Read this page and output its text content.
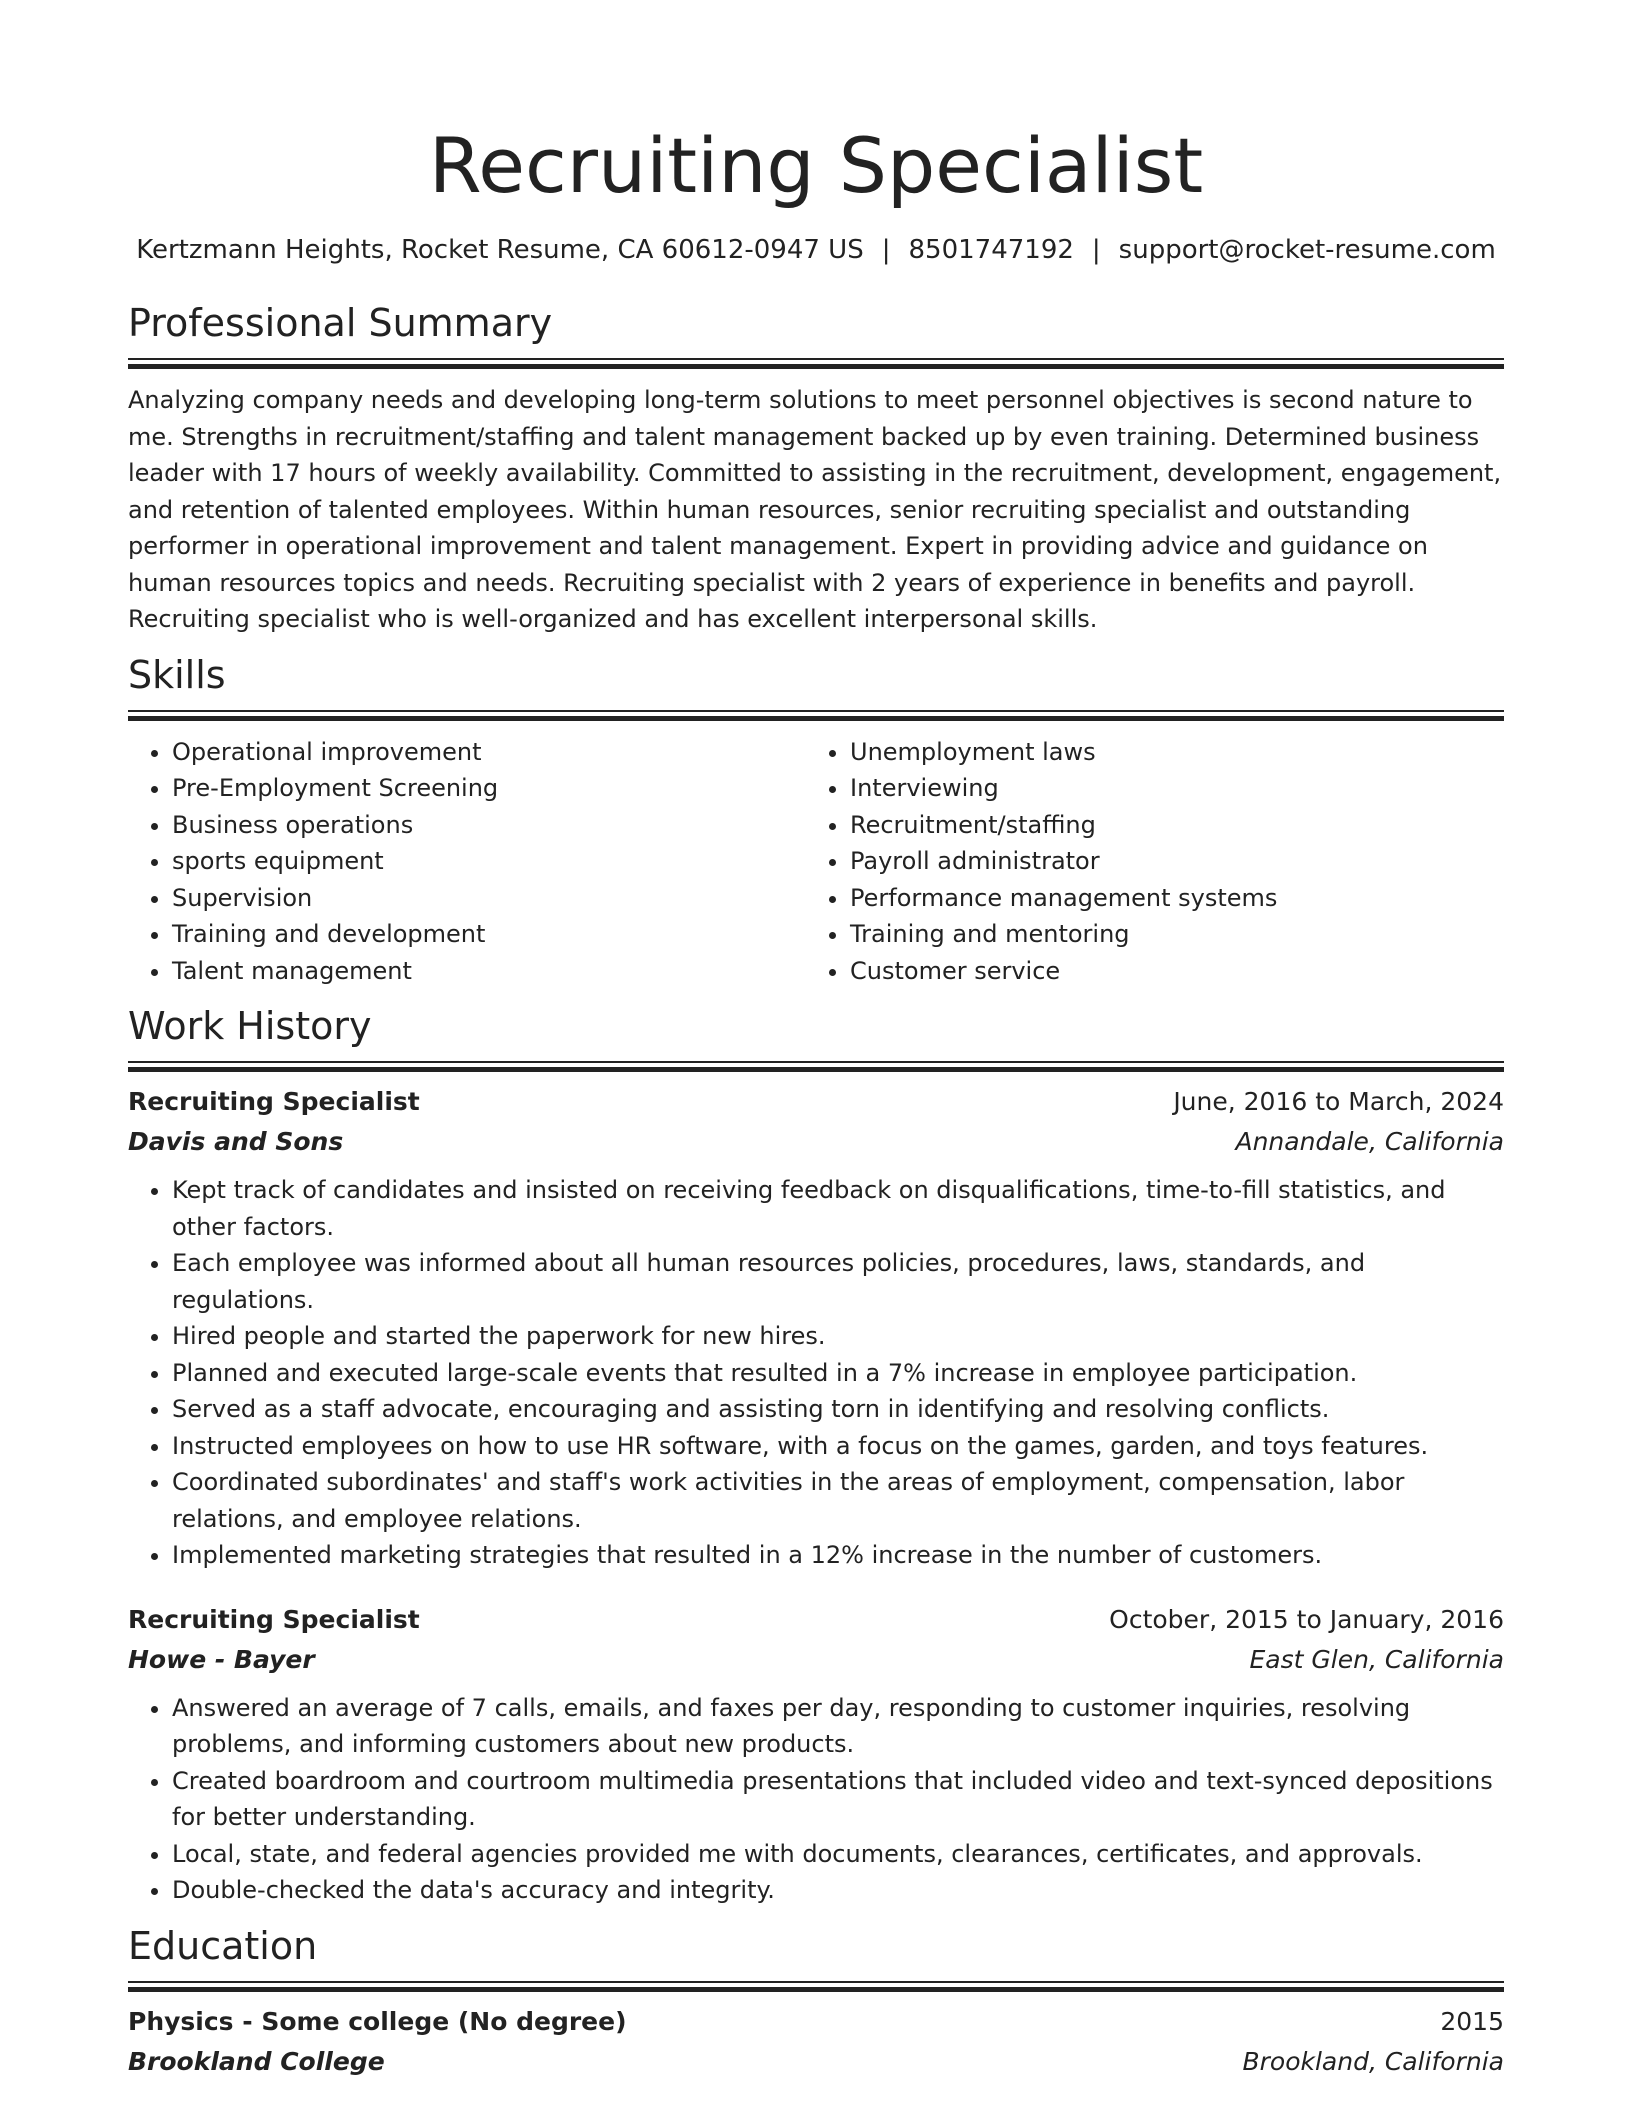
Recruiting Specialist
Kertzmann Heights, Rocket Resume, CA 60612-0947 US | 8501747192 | support@rocket-resume.com
Professional Summary

Analyzing company needs and developing long-term solutions to meet personnel objectives is second nature to me. Strengths in recruitment/staffing and talent management backed up by even training. Determined business leader with 17 hours of weekly availability. Committed to assisting in the recruitment, development, engagement, and retention of talented employees. Within human resources, senior recruiting specialist and outstanding performer in operational improvement and talent management. Expert in providing advice and guidance on human resources topics and needs. Recruiting specialist with 2 years of experience in benefits and payroll. Recruiting specialist who is well-organized and has excellent interpersonal skills.

Skills
• Operational improvement
• Pre-Employment Screening
• Business operations
• sports equipment
• Supervision
• Training and development
• Talent management
• Unemployment laws
• Interviewing
• Recruitment/staffing
• Payroll administrator
• Performance management systems
• Training and mentoring
• Customer service
Work History
Recruiting Specialist	June, 2016 to March, 2024
Davis and Sons	Annandale, California
• Kept track of candidates and insisted on receiving feedback on disqualifications, time-to-fill statistics, and other factors.
• Each employee was informed about all human resources policies, procedures, laws, standards, and regulations.
• Hired people and started the paperwork for new hires.
• Planned and executed large-scale events that resulted in a 7% increase in employee participation.
• Served as a staff advocate, encouraging and assisting torn in identifying and resolving conflicts.
• Instructed employees on how to use HR software, with a focus on the games, garden, and toys features.
• Coordinated subordinates' and staff's work activities in the areas of employment, compensation, labor relations, and employee relations.
• Implemented marketing strategies that resulted in a 12% increase in the number of customers.
Recruiting Specialist	October, 2015 to January, 2016
Howe - Bayer	East Glen, California
• Answered an average of 7 calls, emails, and faxes per day, responding to customer inquiries, resolving problems, and informing customers about new products.
• Created boardroom and courtroom multimedia presentations that included video and text-synced depositions for better understanding.
• Local, state, and federal agencies provided me with documents, clearances, certificates, and approvals.
• Double-checked the data's accuracy and integrity.
Education
Physics - Some college (No degree)	2015
Brookland College	Brookland, California
